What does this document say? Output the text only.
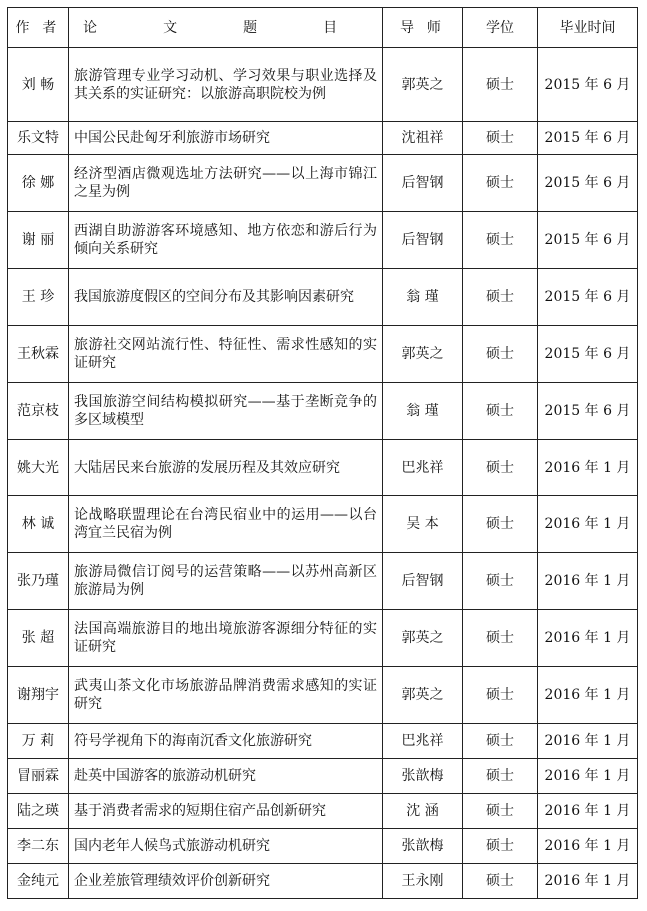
作 者	论 文 题 目	导 师	学位	毕业时间
刘 畅	旅游管理专业学习动机、学习效果与职业选择及其关系的实证研究：以旅游高职院校为例	郭英之	硕士	2015 年 6 月
乐文特	中国公民赴匈牙利旅游市场研究	沈祖祥	硕士	2015 年 6 月
徐 娜	经济型酒店微观选址方法研究——以上海市锦江之星为例	后智钢	硕士	2015 年 6 月
谢 丽	西湖自助游游客环境感知、地方依恋和游后行为倾向关系研究	后智钢	硕士	2015 年 6 月
王 珍	我国旅游度假区的空间分布及其影响因素研究	翁 瑾	硕士	2015 年 6 月
王秋霖	旅游社交网站流行性、特征性、需求性感知的实证研究	郭英之	硕士	2015 年 6 月
范京枝	我国旅游空间结构模拟研究——基于垄断竞争的多区域模型	翁 瑾	硕士	2015 年 6 月
姚大光	大陆居民来台旅游的发展历程及其效应研究	巴兆祥	硕士	2016 年 1 月
林 诚	论战略联盟理论在台湾民宿业中的运用——以台湾宜兰民宿为例	吴 本	硕士	2016 年 1 月
张乃瑾	旅游局微信订阅号的运营策略——以苏州高新区旅游局为例	后智钢	硕士	2016 年 1 月
张 超	法国高端旅游目的地出境旅游客源细分特征的实证研究	郭英之	硕士	2016 年 1 月
谢翔宇	武夷山茶文化市场旅游品牌消费需求感知的实证研究	郭英之	硕士	2016 年 1 月
万 莉	符号学视角下的海南沉香文化旅游研究	巴兆祥	硕士	2016 年 1 月
冒丽霖	赴英中国游客的旅游动机研究	张歆梅	硕士	2016 年 1 月
陆之瑛	基于消费者需求的短期住宿产品创新研究	沈 涵	硕士	2016 年 1 月
李二东	国内老年人候鸟式旅游动机研究	张歆梅	硕士	2016 年 1 月
金纯元	企业差旅管理绩效评价创新研究	王永刚	硕士	2016 年 1 月
